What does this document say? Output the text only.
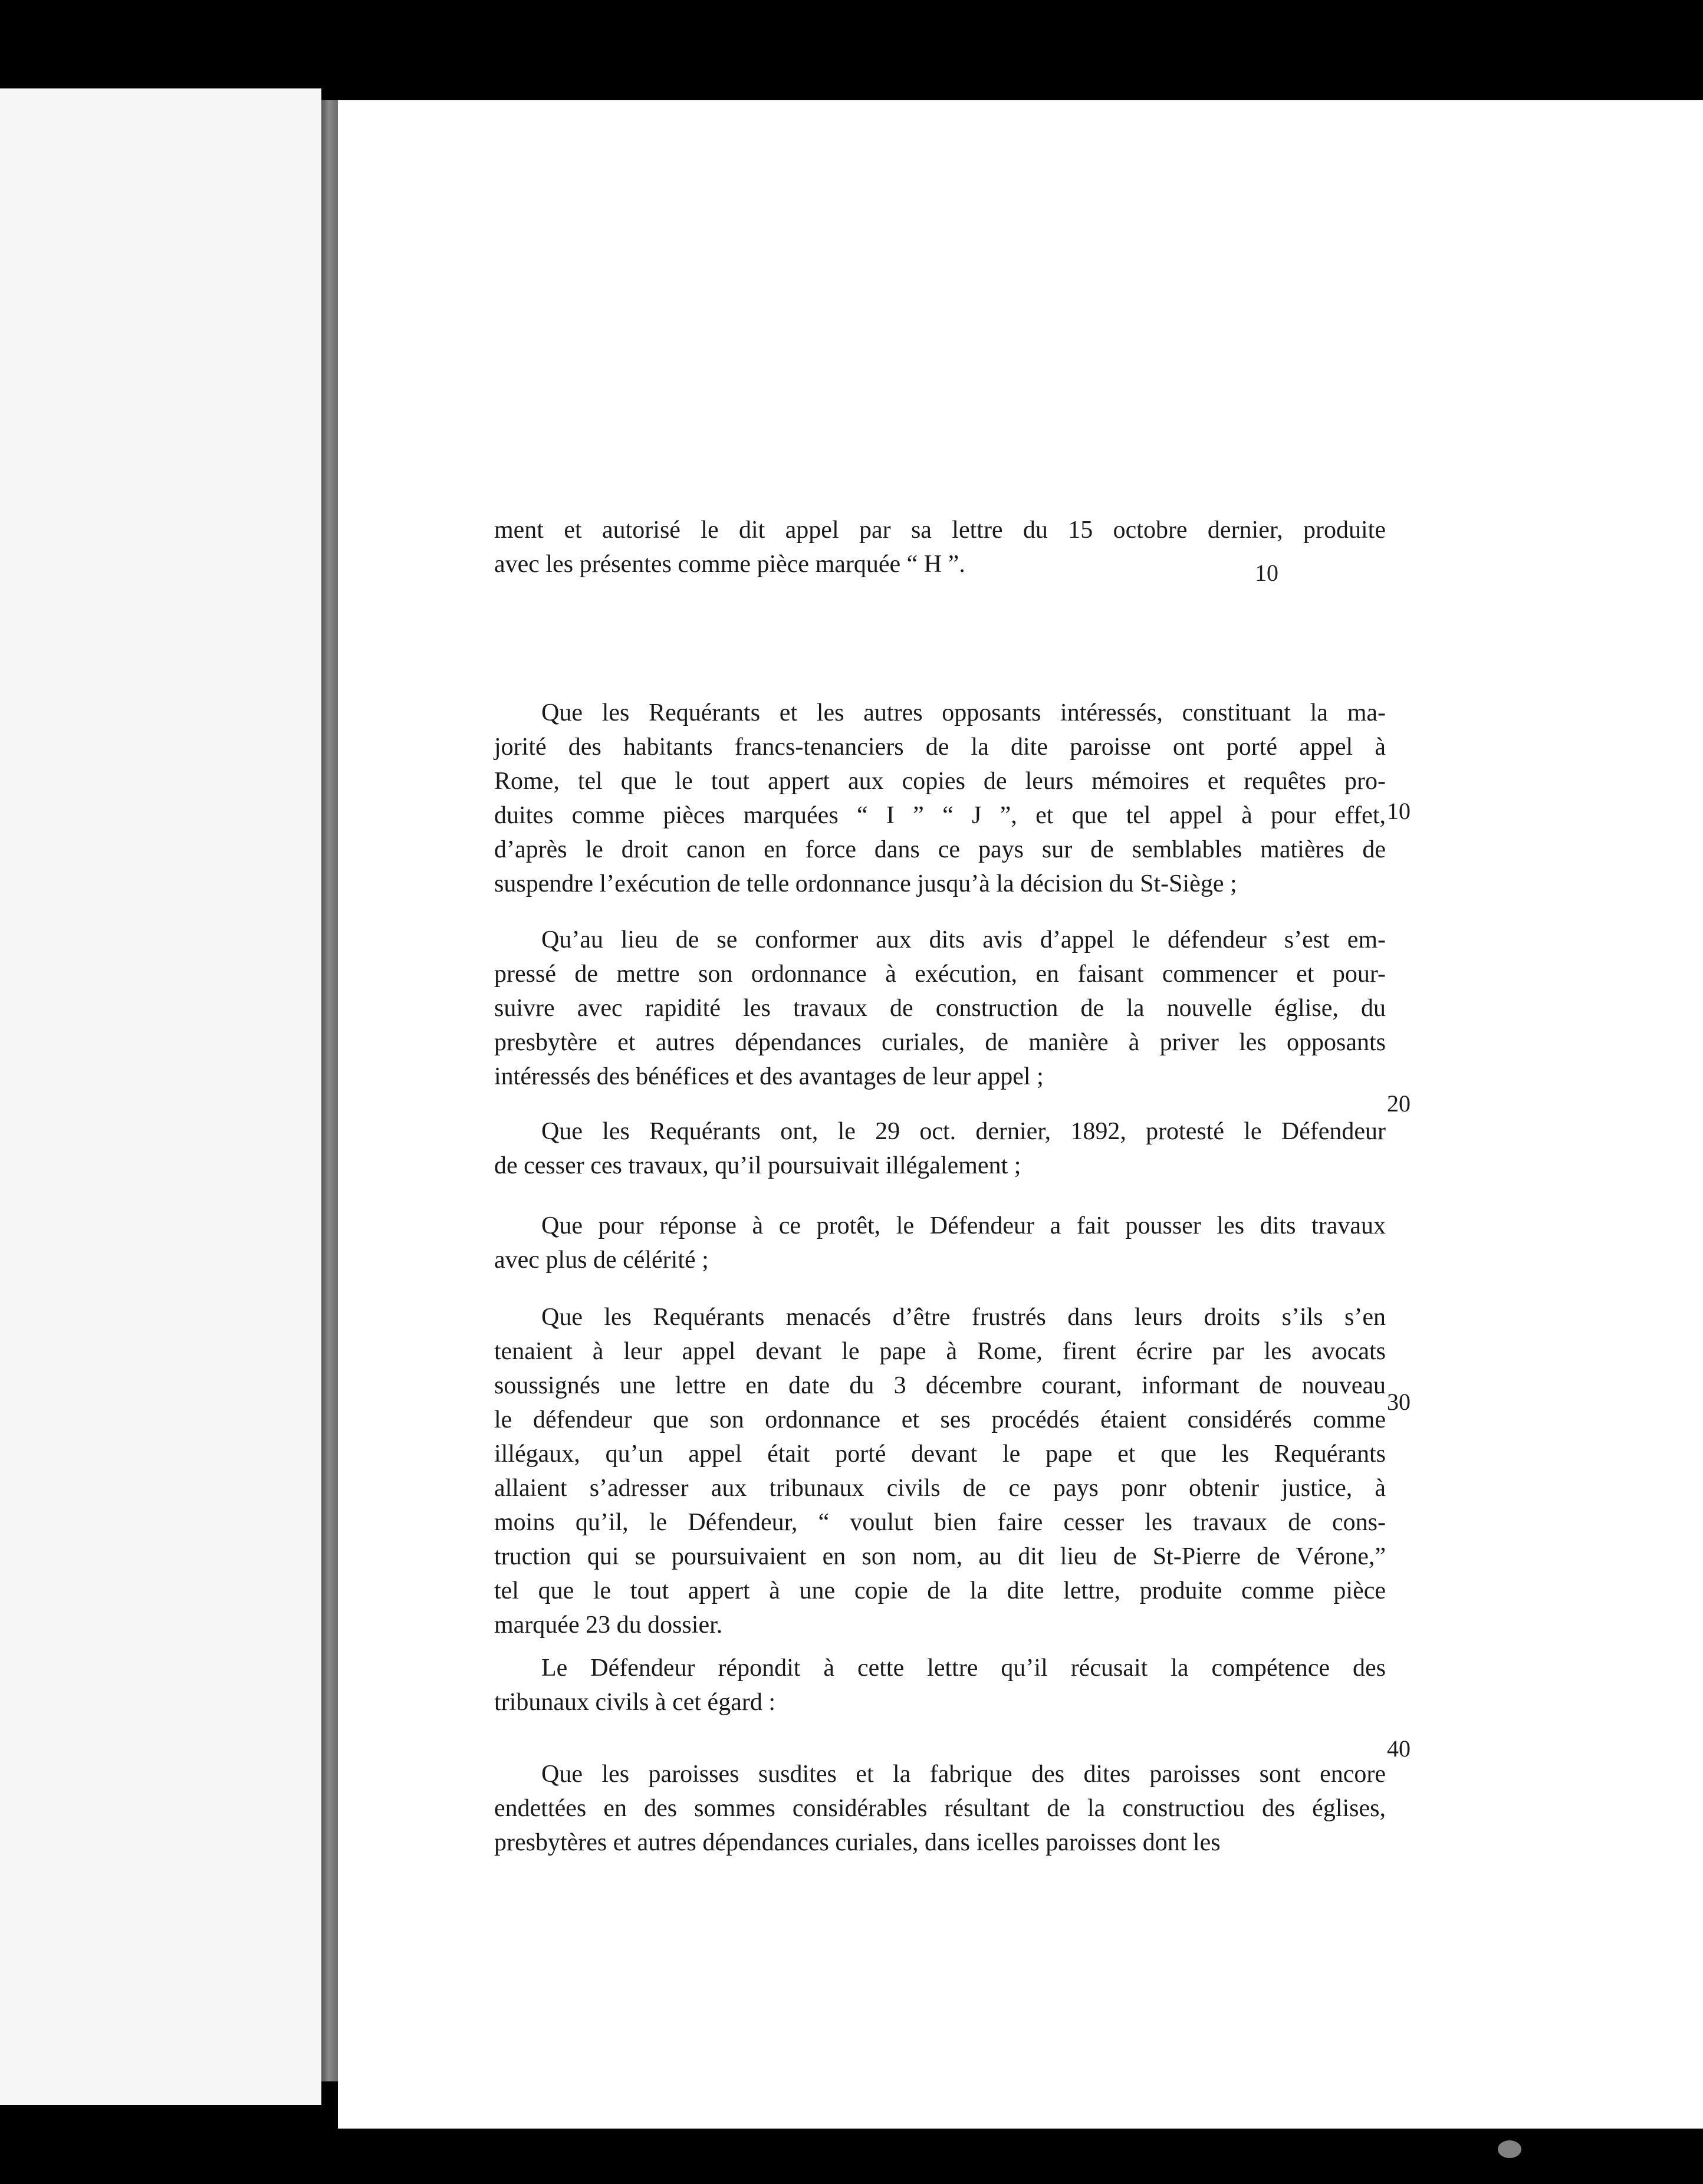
10
ment et autorisé le dit appel par sa lettre du 15 octobre dernier, produite
avec les présentes comme pièce marquée “ H ”.
Que les Requérants et les autres opposants intéressés, constituant la ma-
jorité des habitants francs-tenanciers de la dite paroisse ont porté appel à
Rome, tel que le tout appert aux copies de leurs mémoires et requêtes pro-
duites comme pièces marquées “ I ” “ J ”, et que tel appel à pour effet,
d’après le droit canon en force dans ce pays sur de semblables matières de
suspendre l’exécution de telle ordonnance jusqu’à la décision du St-Siège ;
Qu’au lieu de se conformer aux dits avis d’appel le défendeur s’est em-
pressé de mettre son ordonnance à exécution, en faisant commencer et pour-
suivre avec rapidité les travaux de construction de la nouvelle église, du
presbytère et autres dépendances curiales, de manière à priver les opposants
intéressés des bénéfices et des avantages de leur appel ;
Que les Requérants ont, le 29 oct. dernier, 1892, protesté le Défendeur
de cesser ces travaux, qu’il poursuivait illégalement ;
Que pour réponse à ce protêt, le Défendeur a fait pousser les dits travaux
avec plus de célérité ;
Que les Requérants menacés d’être frustrés dans leurs droits s’ils s’en
tenaient à leur appel devant le pape à Rome, firent écrire par les avocats
soussignés une lettre en date du 3 décembre courant, informant de nouveau
le défendeur que son ordonnance et ses procédés étaient considérés comme
illégaux, qu’un appel était porté devant le pape et que les Requérants
allaient s’adresser aux tribunaux civils de ce pays ponr obtenir justice, à
moins qu’il, le Défendeur, “ voulut bien faire cesser les travaux de cons-
truction qui se poursuivaient en son nom, au dit lieu de St-Pierre de Vérone,”
tel que le tout appert à une copie de la dite lettre, produite comme pièce
marquée 23 du dossier.
Le Défendeur répondit à cette lettre qu’il récusait la compétence des
tribunaux civils à cet égard :
Que les paroisses susdites et la fabrique des dites paroisses sont encore
endettées en des sommes considérables résultant de la constructiou des églises,
presbytères et autres dépendances curiales, dans icelles paroisses dont les
10
20
30
40
